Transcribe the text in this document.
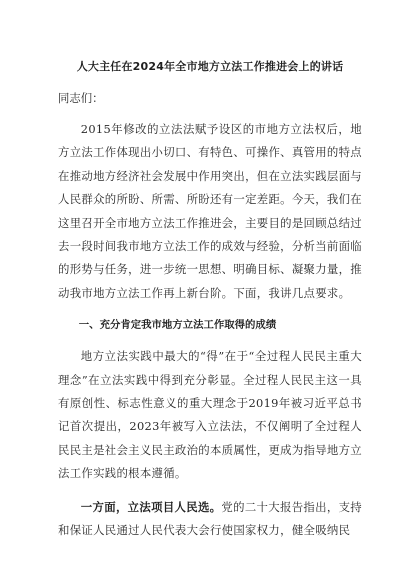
人大主任在2024年全市地方立法工作推进会上的讲话

同志们：

2015年修改的立法法赋予设区的市地方立法权后，地方立法工作体现出小切口、有特色、可操作、真管用的特点在推动地方经济社会发展中作用突出，但在立法实践层面与人民群众的所盼、所需、所盼还有一定差距。今天，我们在这里召开全市地方立法工作推进会，主要目的是回顾总结过去一段时间我市地方立法工作的成效与经验，分析当前面临的形势与任务，进一步统一思想、明确目标、凝聚力量，推动我市地方立法工作再上新台阶。下面，我讲几点要求。

一、充分肯定我市地方立法工作取得的成绩

地方立法实践中最大的“得”在于“全过程人民民主重大理念”在立法实践中得到充分彰显。全过程人民民主这一具有原创性、标志性意义的重大理念于2019年被习近平总书记首次提出，2023年被写入立法法，不仅阐明了全过程人民民主是社会主义民主政治的本质属性，更成为指导地方立法工作实践的根本遵循。

一方面，立法项目人民选。党的二十大报告指出，支持和保证人民通过人民代表大会行使国家权力，健全吸纳民
